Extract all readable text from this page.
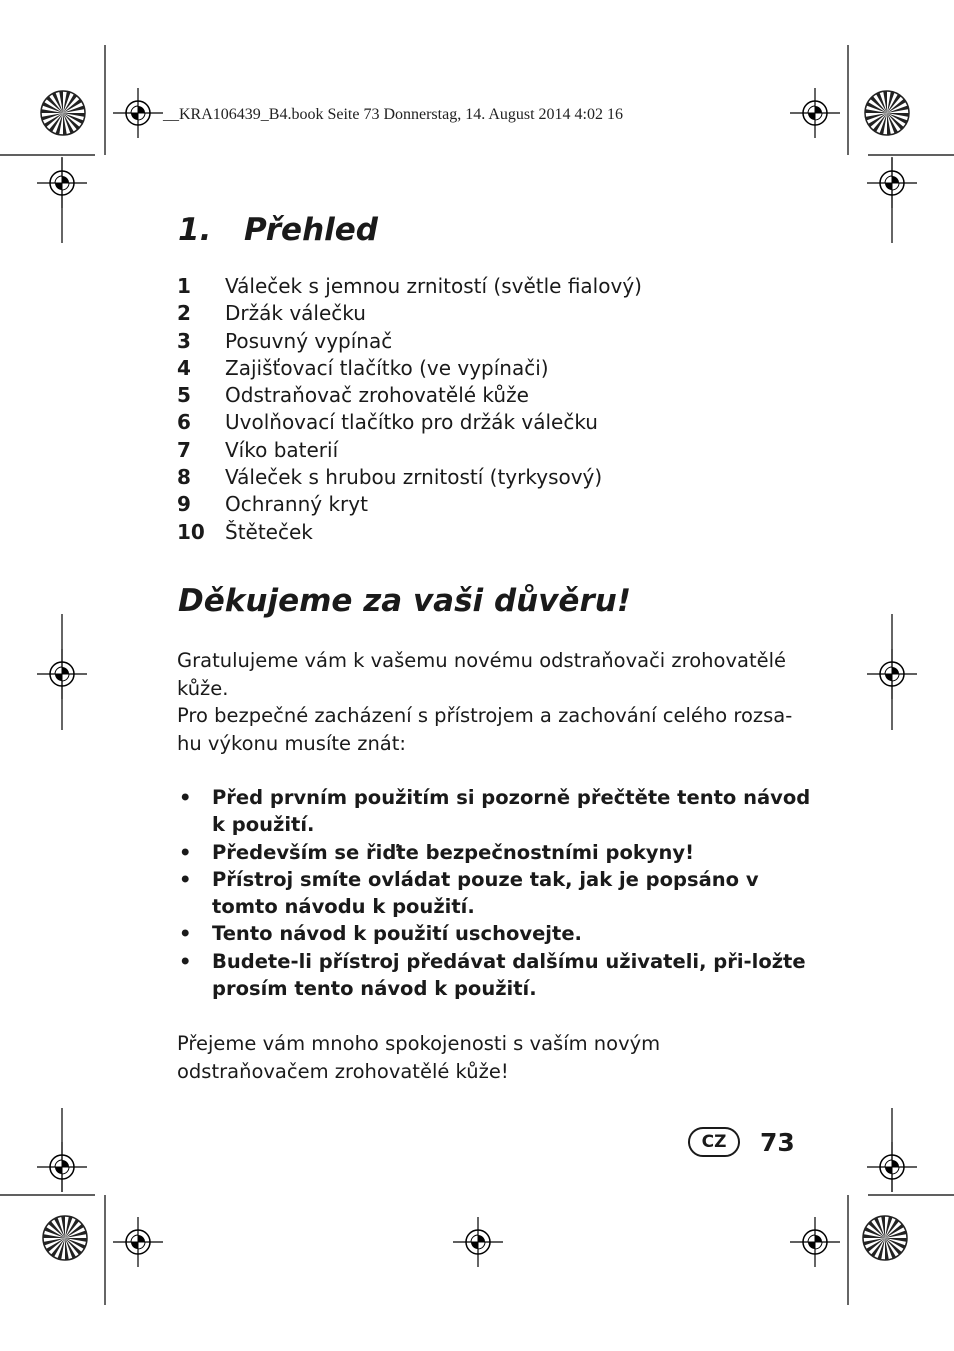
__KRA106439_B4.book Seite 73 Donnerstag, 14. August 2014 4:02 16
1. Přehled
1 Váleček s jemnou zrnitostí (světle fialový)
2 Držák válečku
3 Posuvný vypínač
4 Zajišťovací tlačítko (ve vypínači)
5 Odstraňovač zrohovatělé kůže
6 Uvolňovací tlačítko pro držák válečku
7 Víko baterií
8 Váleček s hrubou zrnitostí (tyrkysový)
9 Ochranný kryt
10 Štěteček
Děkujeme za vaši důvěru!

Gratulujeme vám k vašemu novému odstraňovači zrohovatělé kůže.

Pro bezpečné zacházení s přístrojem a zachování celého rozsa-hu výkonu musíte znát:

• Před prvním použitím si pozorně přečtěte tento návod k použití.
• Především se řiďte bezpečnostními pokyny!
• Přístroj smíte ovládat pouze tak, jak je popsáno v tomto návodu k použití.
• Tento návod k použití uschovejte.
• Budete-li přístroj předávat dalšímu uživateli, při-ložte prosím tento návod k použití.

Přejeme vám mnoho spokojenosti s vaším novým odstraňovačem zrohovatělé kůže!

CZ	73
